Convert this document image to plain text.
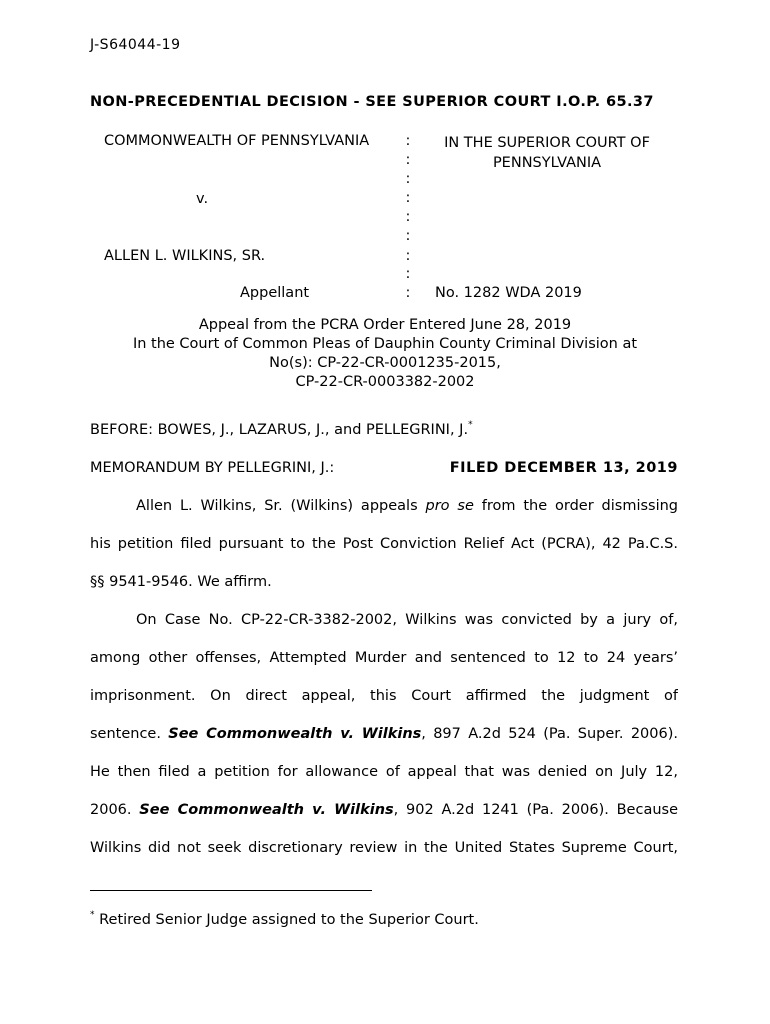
J-S64044-19
NON-PRECEDENTIAL DECISION - SEE SUPERIOR COURT I.O.P. 65.37
COMMONWEALTH OF PENNSYLVANIA
v.
ALLEN L. WILKINS, SR.
Appellant
:
:
:
:
:
:
:
:
:
IN THE SUPERIOR COURT OF
PENNSYLVANIA
No. 1282 WDA 2019
Appeal from the PCRA Order Entered June 28, 2019
In the Court of Common Pleas of Dauphin County Criminal Division at
No(s): CP-22-CR-0001235-2015,
CP-22-CR-0003382-2002
BEFORE: BOWES, J., LAZARUS, J., and PELLEGRINI, J.*
MEMORANDUM BY PELLEGRINI, J.:	FILED DECEMBER 13, 2019
Allen L. Wilkins, Sr. (Wilkins) appeals pro se from the order dismissing
his petition filed pursuant to the Post Conviction Relief Act (PCRA), 42 Pa.C.S.
§§ 9541-9546. We affirm.
On Case No. CP-22-CR-3382-2002, Wilkins was convicted by a jury of,
among other offenses, Attempted Murder and sentenced to 12 to 24 years’
imprisonment. On direct appeal, this Court affirmed the judgment of
sentence. See Commonwealth v. Wilkins, 897 A.2d 524 (Pa. Super. 2006).
He then filed a petition for allowance of appeal that was denied on July 12,
2006. See Commonwealth v. Wilkins, 902 A.2d 1241 (Pa. 2006). Because
Wilkins did not seek discretionary review in the United States Supreme Court,
* Retired Senior Judge assigned to the Superior Court.
